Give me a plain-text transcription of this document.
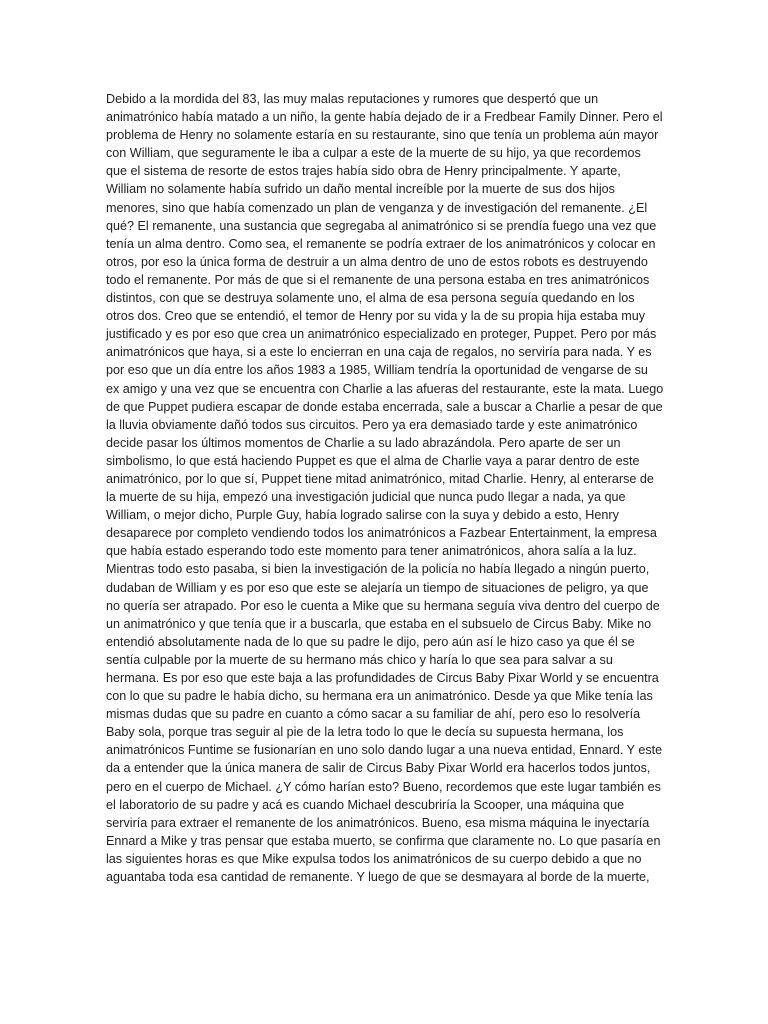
Debido a la mordida del 83, las muy malas reputaciones y rumores que despertó que un
animatrónico había matado a un niño, la gente había dejado de ir a Fredbear Family Dinner. Pero el
problema de Henry no solamente estaría en su restaurante, sino que tenía un problema aún mayor
con William, que seguramente le iba a culpar a este de la muerte de su hijo, ya que recordemos
que el sistema de resorte de estos trajes había sido obra de Henry principalmente. Y aparte,
William no solamente había sufrido un daño mental increíble por la muerte de sus dos hijos
menores, sino que había comenzado un plan de venganza y de investigación del remanente. ¿El
qué? El remanente, una sustancia que segregaba al animatrónico si se prendía fuego una vez que
tenía un alma dentro. Como sea, el remanente se podría extraer de los animatrónicos y colocar en
otros, por eso la única forma de destruir a un alma dentro de uno de estos robots es destruyendo
todo el remanente. Por más de que si el remanente de una persona estaba en tres animatrónicos
distintos, con que se destruya solamente uno, el alma de esa persona seguía quedando en los
otros dos. Creo que se entendió, el temor de Henry por su vida y la de su propia hija estaba muy
justificado y es por eso que crea un animatrónico especializado en proteger, Puppet. Pero por más
animatrónicos que haya, si a este lo encierran en una caja de regalos, no serviría para nada. Y es
por eso que un día entre los años 1983 a 1985, William tendría la oportunidad de vengarse de su
ex amigo y una vez que se encuentra con Charlie a las afueras del restaurante, este la mata. Luego
de que Puppet pudiera escapar de donde estaba encerrada, sale a buscar a Charlie a pesar de que
la lluvia obviamente dañó todos sus circuitos. Pero ya era demasiado tarde y este animatrónico
decide pasar los últimos momentos de Charlie a su lado abrazándola. Pero aparte de ser un
simbolismo, lo que está haciendo Puppet es que el alma de Charlie vaya a parar dentro de este
animatrónico, por lo que sí, Puppet tiene mitad animatrónico, mitad Charlie. Henry, al enterarse de
la muerte de su hija, empezó una investigación judicial que nunca pudo llegar a nada, ya que
William, o mejor dicho, Purple Guy, había logrado salirse con la suya y debido a esto, Henry
desaparece por completo vendiendo todos los animatrónicos a Fazbear Entertainment, la empresa
que había estado esperando todo este momento para tener animatrónicos, ahora salía a la luz.
Mientras todo esto pasaba, si bien la investigación de la policía no había llegado a ningún puerto,
dudaban de William y es por eso que este se alejaría un tiempo de situaciones de peligro, ya que
no quería ser atrapado. Por eso le cuenta a Mike que su hermana seguía viva dentro del cuerpo de
un animatrónico y que tenía que ir a buscarla, que estaba en el subsuelo de Circus Baby. Mike no
entendió absolutamente nada de lo que su padre le dijo, pero aún así le hizo caso ya que él se
sentía culpable por la muerte de su hermano más chico y haría lo que sea para salvar a su
hermana. Es por eso que este baja a las profundidades de Circus Baby Pixar World y se encuentra
con lo que su padre le había dicho, su hermana era un animatrónico. Desde ya que Mike tenía las
mismas dudas que su padre en cuanto a cómo sacar a su familiar de ahí, pero eso lo resolvería
Baby sola, porque tras seguir al pie de la letra todo lo que le decía su supuesta hermana, los
animatrónicos Funtime se fusionarían en uno solo dando lugar a una nueva entidad, Ennard. Y este
da a entender que la única manera de salir de Circus Baby Pixar World era hacerlos todos juntos,
pero en el cuerpo de Michael. ¿Y cómo harían esto? Bueno, recordemos que este lugar también es
el laboratorio de su padre y acá es cuando Michael descubriría la Scooper, una máquina que
serviría para extraer el remanente de los animatrónicos. Bueno, esa misma máquina le inyectaría
Ennard a Mike y tras pensar que estaba muerto, se confirma que claramente no. Lo que pasaría en
las siguientes horas es que Mike expulsa todos los animatrónicos de su cuerpo debido a que no
aguantaba toda esa cantidad de remanente. Y luego de que se desmayara al borde de la muerte,
